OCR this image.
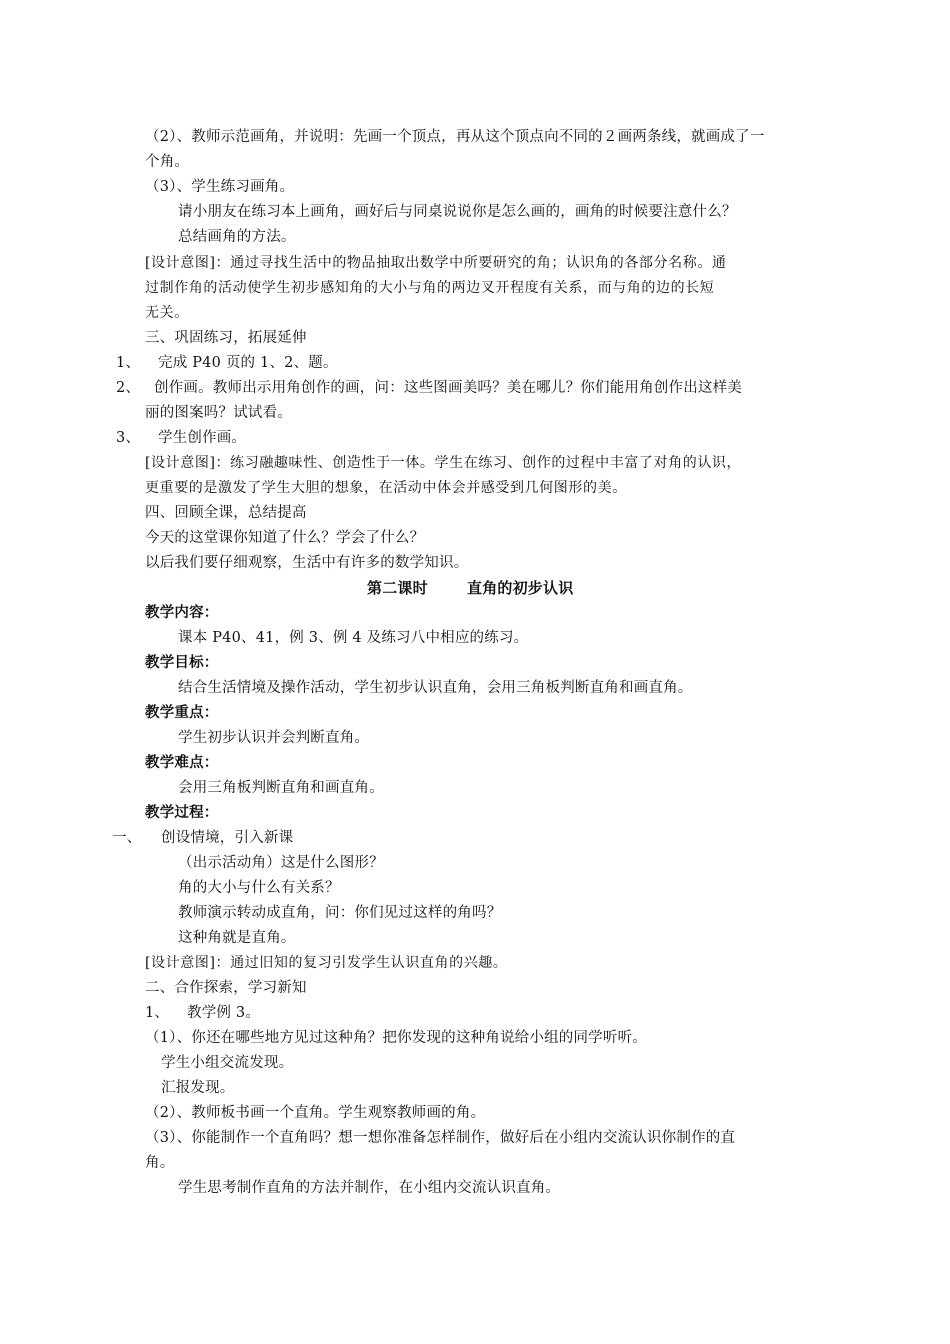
（2）、教师示范画角，并说明：先画一个顶点，再从这个顶点向不同的２画两条线，就画成了一
个角。
（3）、学生练习画角。
请小朋友在练习本上画角，画好后与同桌说说你是怎么画的，画角的时候要注意什么？
总结画角的方法。
[设计意图]：通过寻找生活中的物品抽取出数学中所要研究的角；认识角的各部分名称。通
过制作角的活动使学生初步感知角的大小与角的两边叉开程度有关系，而与角的边的长短
无关。
三、巩固练习，拓展延伸
1、 完成 P40 页的 1、2、题。
2、 创作画。教师出示用角创作的画，问：这些图画美吗？美在哪儿？你们能用角创作出这样美
丽的图案吗？试试看。
3、 学生创作画。
[设计意图]：练习融趣味性、创造性于一体。学生在练习、创作的过程中丰富了对角的认识，
更重要的是激发了学生大胆的想象，在活动中体会并感受到几何图形的美。
四、回顾全课，总结提高
今天的这堂课你知道了什么？学会了什么？
以后我们要仔细观察，生活中有许多的数学知识。
第二课时	直角的初步认识
教学内容：
课本 P40、41，例 3、例 4 及练习八中相应的练习。
教学目标：
结合生活情境及操作活动，学生初步认识直角，会用三角板判断直角和画直角。
教学重点：
学生初步认识并会判断直角。
教学难点：
会用三角板判断直角和画直角。
教学过程：
一、 创设情境，引入新课
（出示活动角）这是什么图形？
角的大小与什么有关系？
教师演示转动成直角，问：你们见过这样的角吗？
这种角就是直角。
[设计意图]：通过旧知的复习引发学生认识直角的兴趣。
二、合作探索，学习新知
1、 教学例 3。
（1）、你还在哪些地方见过这种角？把你发现的这种角说给小组的同学听听。
学生小组交流发现。
汇报发现。
（2）、教师板书画一个直角。学生观察教师画的角。
（3）、你能制作一个直角吗？想一想你准备怎样制作，做好后在小组内交流认识你制作的直
角。
学生思考制作直角的方法并制作，在小组内交流认识直角。
